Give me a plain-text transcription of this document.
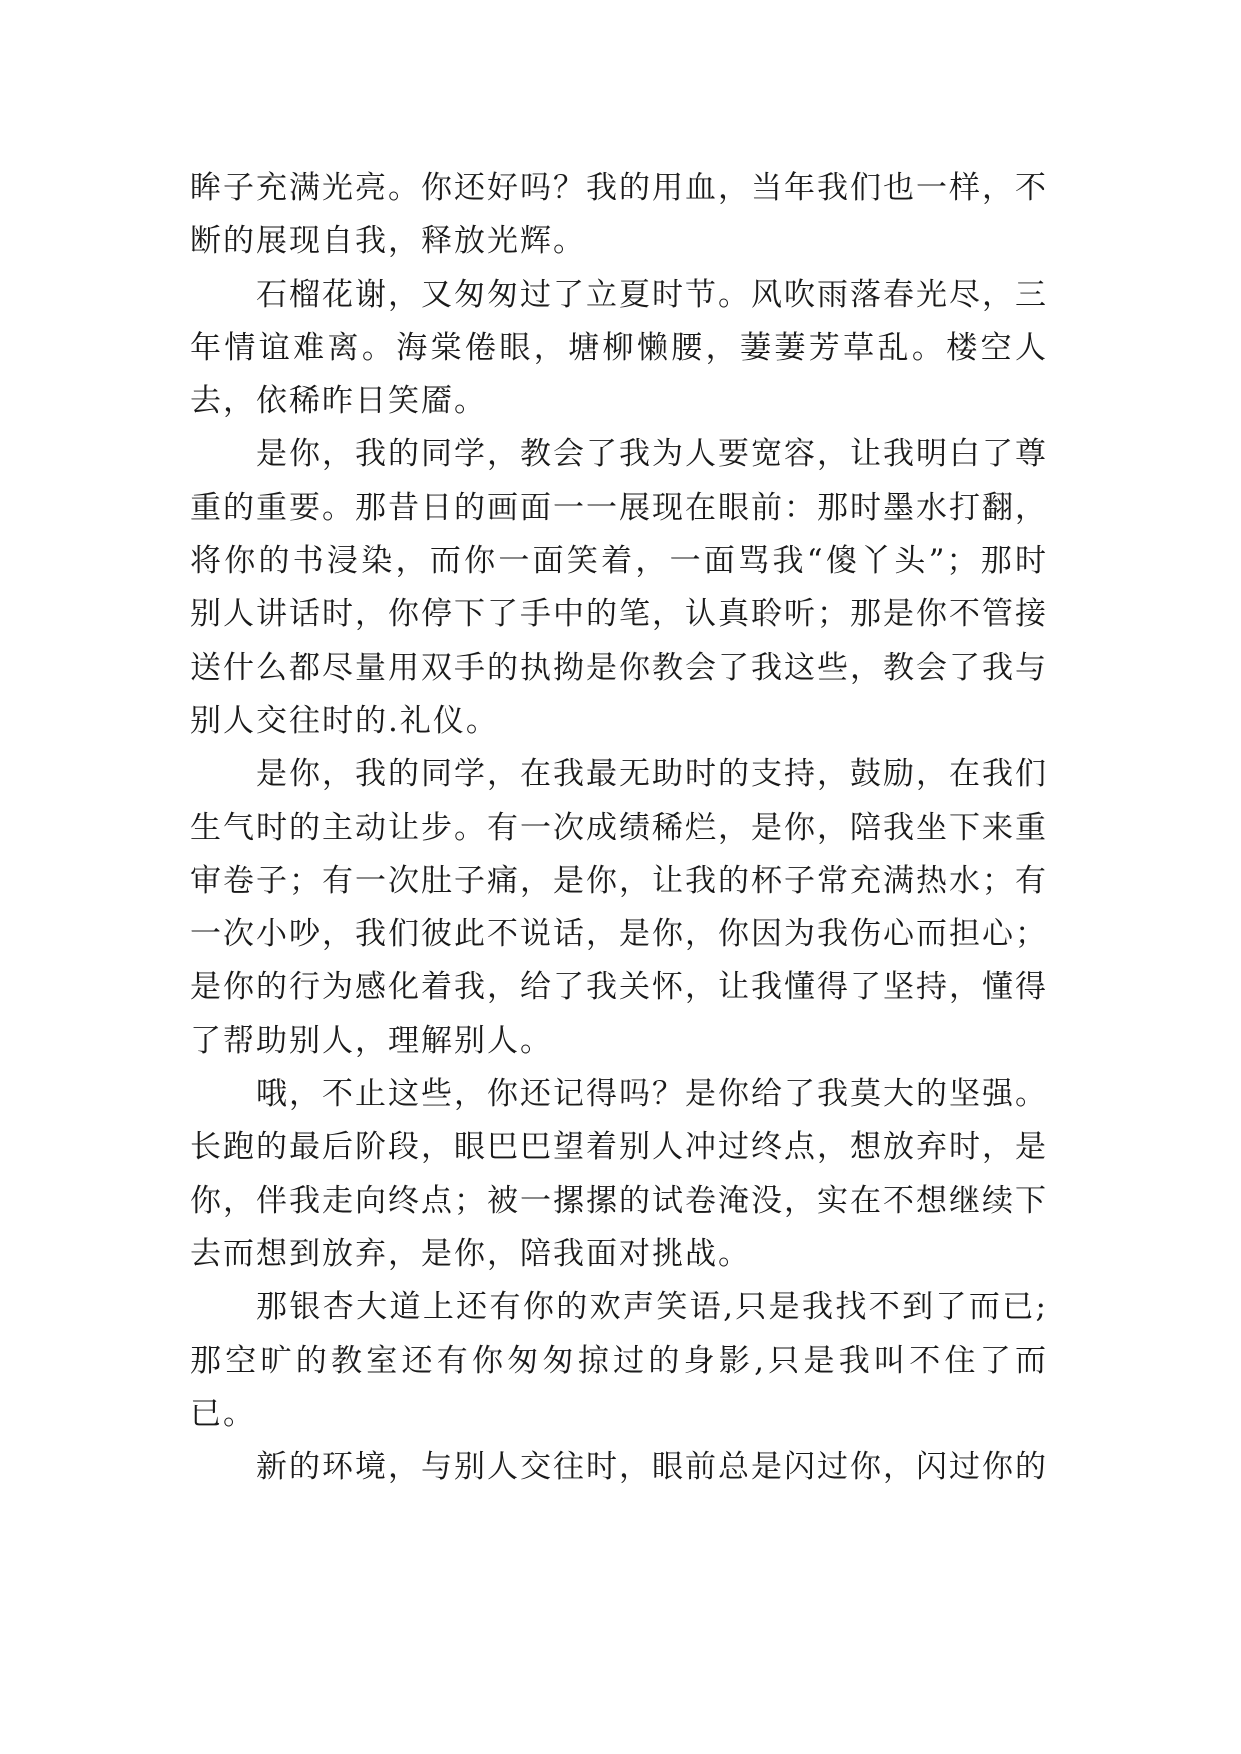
眸子充满光亮。你还好吗？我的用血，当年我们也一样，不断的展现自我，释放光辉。

石榴花谢，又匆匆过了立夏时节。风吹雨落春光尽，三年情谊难离。海棠倦眼，塘柳懒腰，萋萋芳草乱。楼空人去，依稀昨日笑靥。

是你，我的同学，教会了我为人要宽容，让我明白了尊重的重要。那昔日的画面一一展现在眼前：那时墨水打翻，将你的书浸染，而你一面笑着，一面骂我“傻丫头”；那时别人讲话时，你停下了手中的笔，认真聆听；那是你不管接送什么都尽量用双手的执拗是你教会了我这些，教会了我与别人交往时的.礼仪。

是你，我的同学，在我最无助时的支持，鼓励，在我们生气时的主动让步。有一次成绩稀烂，是你，陪我坐下来重审卷子；有一次肚子痛，是你，让我的杯子常充满热水；有一次小吵，我们彼此不说话，是你，你因为我伤心而担心；是你的行为感化着我，给了我关怀，让我懂得了坚持，懂得了帮助别人，理解别人。

哦，不止这些，你还记得吗？是你给了我莫大的坚强。长跑的最后阶段，眼巴巴望着别人冲过终点，想放弃时，是你，伴我走向终点；被一摞摞的试卷淹没，实在不想继续下去而想到放弃，是你，陪我面对挑战。

那银杏大道上还有你的欢声笑语,只是我找不到了而已;那空旷的教室还有你匆匆掠过的身影,只是我叫不住了而已。

新的环境，与别人交往时，眼前总是闪过你，闪过你的
